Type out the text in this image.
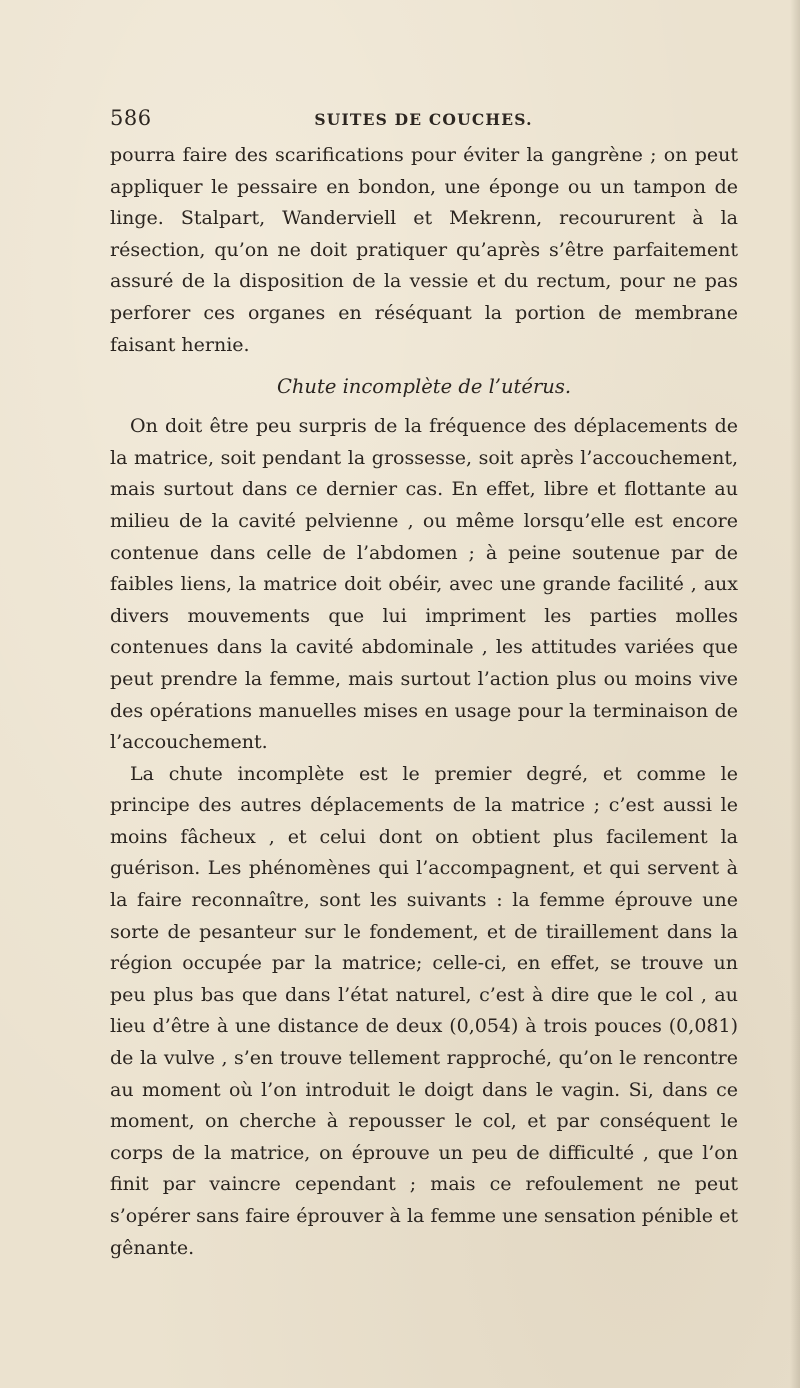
586	SUITES DE COUCHES.

pourra faire des scarifications pour éviter la gangrène ; on peut appliquer le pessaire en bondon, une éponge ou un tampon de linge. Stalpart, Wanderviell et Mekrenn, recoururent à la résection, qu’on ne doit pratiquer qu’après s’être parfaitement assuré de la disposition de la vessie et du rectum, pour ne pas perforer ces organes en réséquant la portion de membrane faisant hernie.

Chute incomplète de l’utérus.

On doit être peu surpris de la fréquence des déplacements de la matrice, soit pendant la grossesse, soit après l’accouchement, mais surtout dans ce dernier cas. En effet, libre et flottante au milieu de la cavité pelvienne , ou même lorsqu’elle est encore contenue dans celle de l’abdomen ; à peine soutenue par de faibles liens, la matrice doit obéir, avec une grande facilité , aux divers mouvements que lui impriment les parties molles contenues dans la cavité abdominale , les attitudes variées que peut prendre la femme, mais surtout l’action plus ou moins vive des opérations manuelles mises en usage pour la terminaison de l’accouchement.

La chute incomplète est le premier degré, et comme le principe des autres déplacements de la matrice ; c’est aussi le moins fâcheux , et celui dont on obtient plus facilement la guérison. Les phénomènes qui l’accompagnent, et qui servent à la faire reconnaître, sont les suivants : la femme éprouve une sorte de pesanteur sur le fondement, et de tiraillement dans la région occupée par la matrice; celle-ci, en effet, se trouve un peu plus bas que dans l’état naturel, c’est à dire que le col , au lieu d’être à une distance de deux (0,054) à trois pouces (0,081) de la vulve , s’en trouve tellement rapproché, qu’on le rencontre au moment où l’on introduit le doigt dans le vagin. Si, dans ce moment, on cherche à repousser le col, et par conséquent le corps de la matrice, on éprouve un peu de difficulté , que l’on finit par vaincre cependant ; mais ce refoulement ne peut s’opérer sans faire éprouver à la femme une sensation pénible et gênante.
